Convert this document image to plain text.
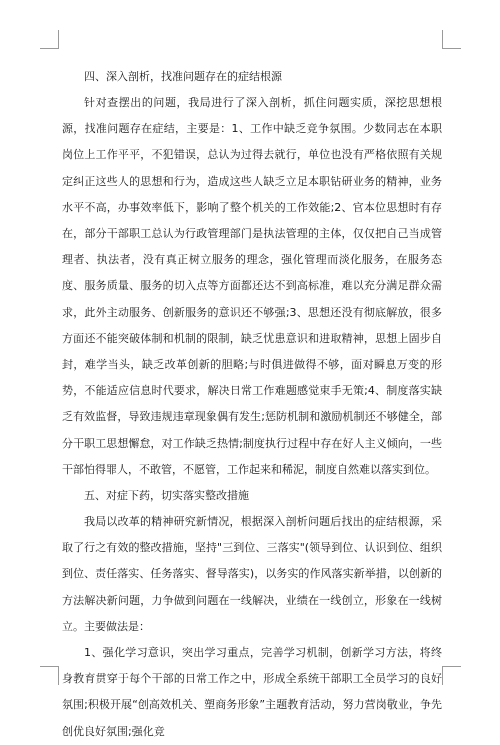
四、深入剖析，找准问题存在的症结根源

针对查摆出的问题，我局进行了深入剖析，抓住问题实质，深挖思想根源，找准问题存在症结，主要是：1、工作中缺乏竞争氛围。少数同志在本职岗位上工作平平，不犯错误，总认为过得去就行，单位也没有严格依照有关规定纠正这些人的思想和行为，造成这些人缺乏立足本职钻研业务的精神，业务水平不高，办事效率低下，影响了整个机关的工作效能;2、官本位思想时有存在，部分干部职工总认为行政管理部门是执法管理的主体，仅仅把自己当成管理者、执法者，没有真正树立服务的理念，强化管理而淡化服务，在服务态度、服务质量、服务的切入点等方面都还达不到高标准，难以充分满足群众需求，此外主动服务、创新服务的意识还不够强;3、思想还没有彻底解放，很多方面还不能突破体制和机制的限制，缺乏忧患意识和进取精神，思想上固步自封，难学当头，缺乏改革创新的胆略;与时俱进做得不够，面对瞬息万变的形势，不能适应信息时代要求，解决日常工作难题感觉束手无策;4、制度落实缺乏有效监督，导致违规违章现象偶有发生;惩防机制和激励机制还不够健全，部分干职工思想懈怠，对工作缺乏热情;制度执行过程中存在好人主义倾向，一些干部怕得罪人，不敢管，不愿管，工作起来和稀泥，制度自然难以落实到位。

五、对症下药，切实落实整改措施

我局以改革的精神研究新情况，根据深入剖析问题后找出的症结根源，采取了行之有效的整改措施，坚持"三到位、三落实"(领导到位、认识到位、组织到位、责任落实、任务落实、督导落实)，以务实的作风落实新举措，以创新的方法解决新问题，力争做到问题在一线解决，业绩在一线创立，形象在一线树立。主要做法是：

1、强化学习意识，突出学习重点，完善学习机制，创新学习方法，将终身教育贯穿于每个干部的日常工作之中，形成全系统干部职工全员学习的良好氛围;积极开展“创高效机关、塑商务形象”主题教育活动，努力营岗敬业，争先创优良好氛围;强化竞
